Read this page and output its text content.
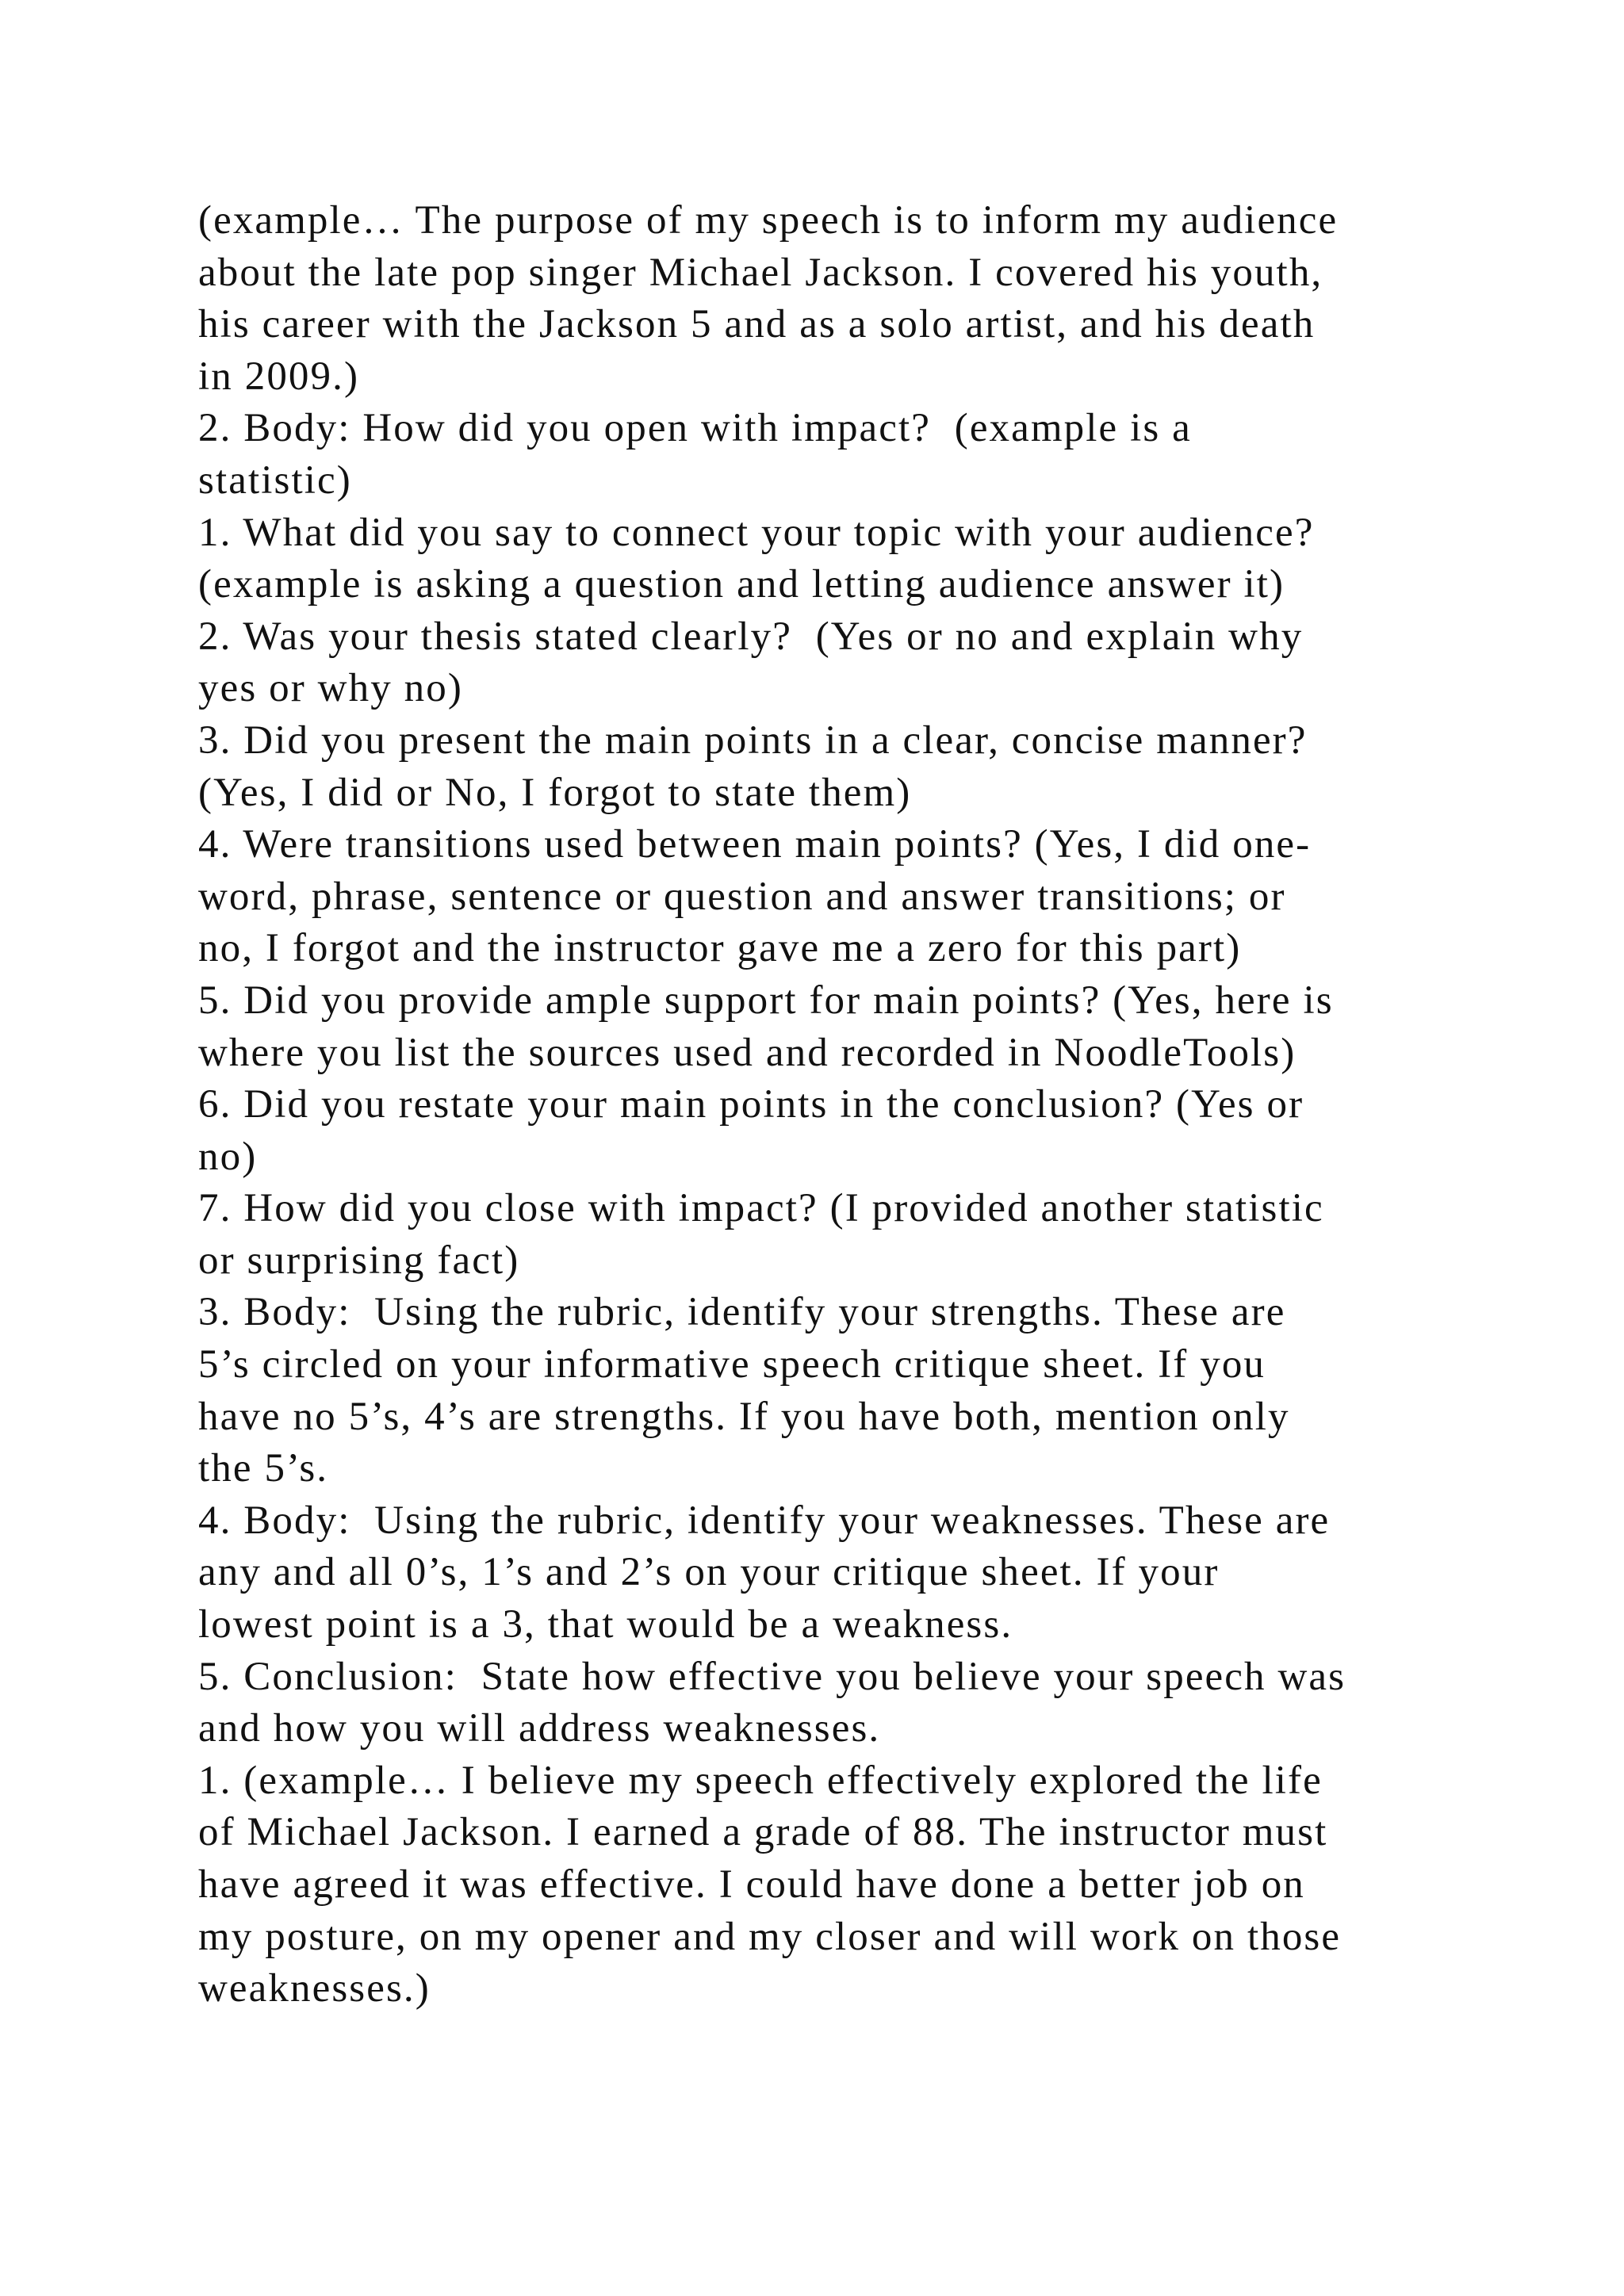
(example… The purpose of my speech is to inform my audience
about the late pop singer Michael Jackson. I covered his youth,
his career with the Jackson 5 and as a solo artist, and his death
in 2009.)
2. Body: How did you open with impact?  (example is a
statistic)
1. What did you say to connect your topic with your audience?
(example is asking a question and letting audience answer it)
2. Was your thesis stated clearly?  (Yes or no and explain why
yes or why no)
3. Did you present the main points in a clear, concise manner?
(Yes, I did or No, I forgot to state them)
4. Were transitions used between main points? (Yes, I did one-
word, phrase, sentence or question and answer transitions; or
no, I forgot and the instructor gave me a zero for this part)
5. Did you provide ample support for main points? (Yes, here is
where you list the sources used and recorded in NoodleTools)
6. Did you restate your main points in the conclusion? (Yes or
no)
7. How did you close with impact? (I provided another statistic
or surprising fact)
3. Body:  Using the rubric, identify your strengths. These are
5’s circled on your informative speech critique sheet. If you
have no 5’s, 4’s are strengths. If you have both, mention only
the 5’s.
4. Body:  Using the rubric, identify your weaknesses. These are
any and all 0’s, 1’s and 2’s on your critique sheet. If your
lowest point is a 3, that would be a weakness.
5. Conclusion:  State how effective you believe your speech was
and how you will address weaknesses.
1. (example… I believe my speech effectively explored the life
of Michael Jackson. I earned a grade of 88. The instructor must
have agreed it was effective. I could have done a better job on
my posture, on my opener and my closer and will work on those
weaknesses.)
